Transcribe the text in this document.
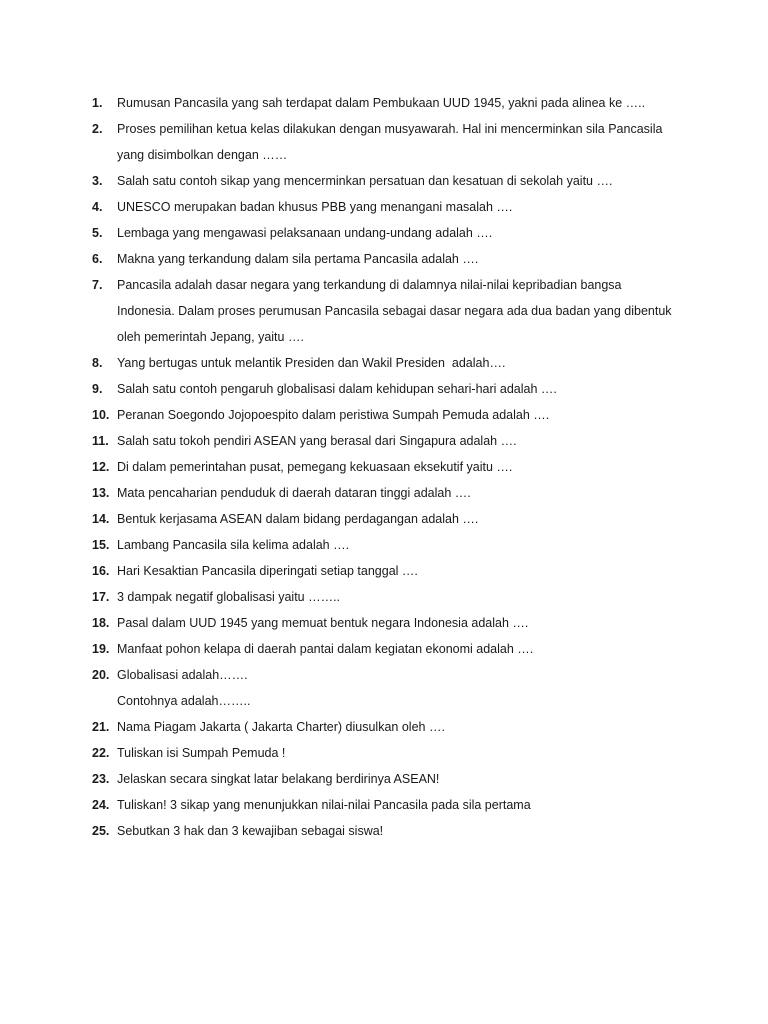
1.	Rumusan Pancasila yang sah terdapat dalam Pembukaan UUD 1945, yakni pada alinea ke …..
2.	Proses pemilihan ketua kelas dilakukan dengan musyawarah. Hal ini mencerminkan sila Pancasila
yang disimbolkan dengan ……
3.	Salah satu contoh sikap yang mencerminkan persatuan dan kesatuan di sekolah yaitu ….
4.	UNESCO merupakan badan khusus PBB yang menangani masalah ….
5.	Lembaga yang mengawasi pelaksanaan undang-undang adalah ….
6.	Makna yang terkandung dalam sila pertama Pancasila adalah ….
7.	Pancasila adalah dasar negara yang terkandung di dalamnya nilai-nilai kepribadian bangsa
Indonesia. Dalam proses perumusan Pancasila sebagai dasar negara ada dua badan yang dibentuk
oleh pemerintah Jepang, yaitu ….
8.	Yang bertugas untuk melantik Presiden dan Wakil Presiden  adalah….
9.	Salah satu contoh pengaruh globalisasi dalam kehidupan sehari-hari adalah ….
10. Peranan Soegondo Jojopoespito dalam peristiwa Sumpah Pemuda adalah ….
11. Salah satu tokoh pendiri ASEAN yang berasal dari Singapura adalah ….
12. Di dalam pemerintahan pusat, pemegang kekuasaan eksekutif yaitu ….
13. Mata pencaharian penduduk di daerah dataran tinggi adalah ….
14. Bentuk kerjasama ASEAN dalam bidang perdagangan adalah ….
15. Lambang Pancasila sila kelima adalah ….
16. Hari Kesaktian Pancasila diperingati setiap tanggal ….
17. 3 dampak negatif globalisasi yaitu ……..
18. Pasal dalam UUD 1945 yang memuat bentuk negara Indonesia adalah ….
19. Manfaat pohon kelapa di daerah pantai dalam kegiatan ekonomi adalah ….
20. Globalisasi adalah…….
Contohnya adalah……..
21. Nama Piagam Jakarta ( Jakarta Charter) diusulkan oleh ….
22. Tuliskan isi Sumpah Pemuda !
23. Jelaskan secara singkat latar belakang berdirinya ASEAN!
24. Tuliskan! 3 sikap yang menunjukkan nilai-nilai Pancasila pada sila pertama
25. Sebutkan 3 hak dan 3 kewajiban sebagai siswa!
